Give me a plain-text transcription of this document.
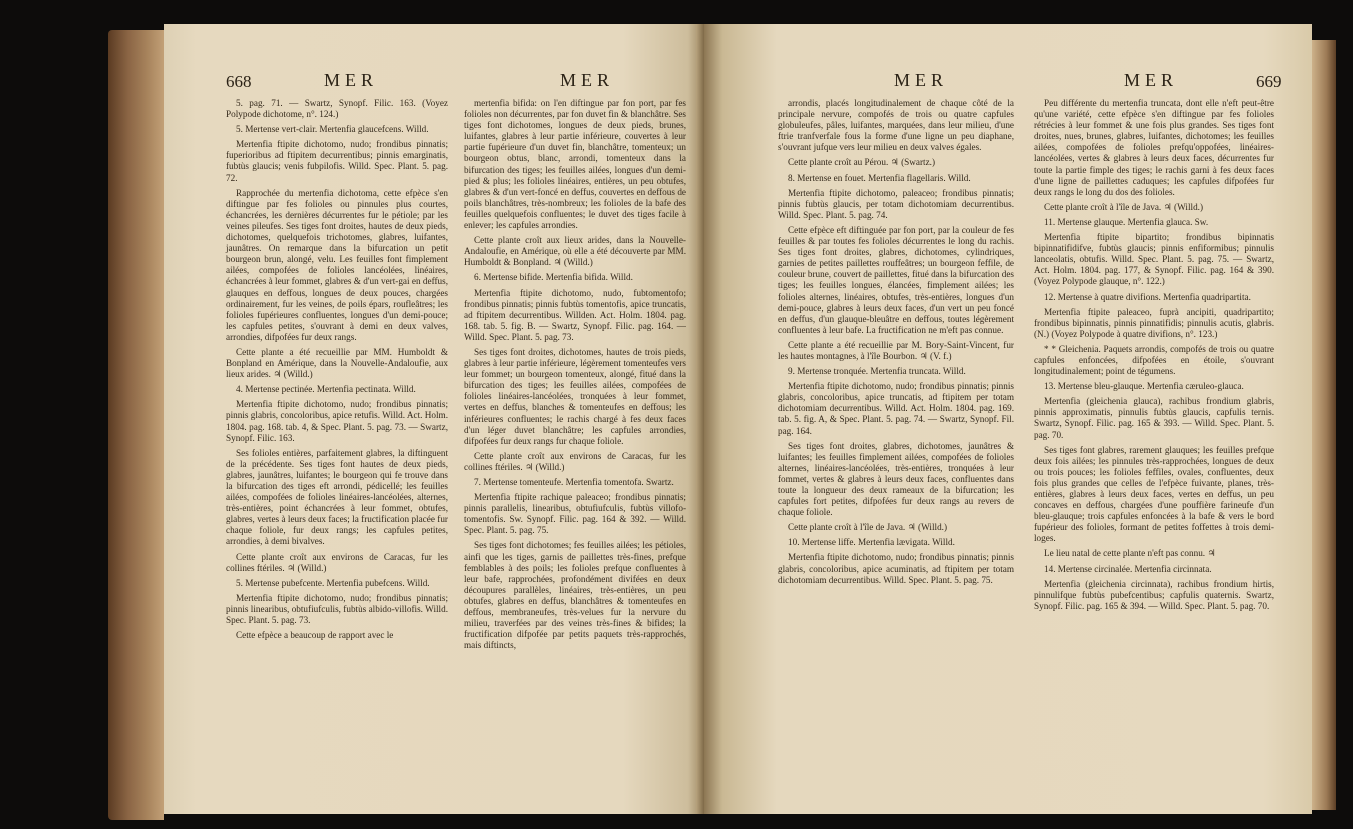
668	MER	MER

5. pag. 71. — Swartz, Synopf. Filic. 163. (Voyez Polypode dichotome, n°. 124.)

5. Mertense vert-clair. Mertenfia glaucefcens. Willd.

Mertenfia ftipite dichotomo, nudo; frondibus pinnatis; fuperioribus ad ftipitem decurrentibus; pinnis emarginatis, fubtùs glaucis; venis fubpilofis. Willd. Spec. Plant. 5. pag. 72.

Rapprochée du mertenfia dichotoma, cette efpèce s'en diftingue par fes folioles ou pinnules plus courtes, échancrées, les dernières décurrentes fur le pétiole; par les veines pileufes. Ses tiges font droites, hautes de deux pieds, dichotomes, quelquefois trichotomes, glabres, luifantes, jaunâtres. On remarque dans la bifurcation un petit bourgeon brun, alongé, velu. Les feuilles font fimplement ailées, compofées de folioles lancéolées, linéaires, échancrées à leur fommet, glabres & d'un vert-gai en deffus, glauques en deffous, longues de deux pouces, chargées ordinairement, fur les veines, de poils épars, roufleâtres; les folioles fupérieures confluentes, longues d'un demi-pouce; les capfules petites, s'ouvrant à demi en deux valves, arrondies, difpofées fur deux rangs.

Cette plante a été recueillie par MM. Humboldt & Bonpland en Amérique, dans la Nouvelle-Andaloufie, aux lieux arides. ♃ (Willd.)

4. Mertense pectinée. Mertenfia pectinata. Willd.

Mertenfia ftipite dichotomo, nudo; frondibus pinnatis; pinnis glabris, concoloribus, apice retufis. Willd. Act. Holm. 1804. pag. 168. tab. 4, & Spec. Plant. 5. pag. 73. — Swartz, Synopf. Filic. 163.

Ses folioles entières, parfaitement glabres, la diftinguent de la précédente. Ses tiges font hautes de deux pieds, glabres, jaunâtres, luifantes; le bourgeon qui fe trouve dans la bifurcation des tiges eft arrondi, pédicellé; les feuilles ailées, compofées de folioles linéaires-lancéolées, alternes, très-entières, point échancrées à leur fommet, obtufes, glabres, vertes à leurs deux faces; la fructification placée fur chaque foliole, fur deux rangs; les capfules petites, arrondies, à demi bivalves.

Cette plante croît aux environs de Caracas, fur les collines ftériles. ♃ (Willd.)

5. Mertense pubefcente. Mertenfia pubefcens. Willd.

Mertenfia ftipite dichotomo, nudo; frondibus pinnatis; pinnis linearibus, obtufiufculis, fubtùs albido-villofis. Willd. Spec. Plant. 5. pag. 73.

Cette efpèce a beaucoup de rapport avec le

mertenfia bifida: on l'en diftingue par fon port, par fes folioles non décurrentes, par fon duvet fin & blanchâtre. Ses tiges font dichotomes, longues de deux pieds, brunes, luifantes, glabres à leur partie inférieure, couvertes à leur partie fupérieure d'un duvet fin, blanchâtre, tomenteux; un bourgeon obtus, blanc, arrondi, tomenteux dans la bifurcation des tiges; les feuilles ailées, longues d'un demi-pied & plus; les folioles linéaires, entières, un peu obtufes, glabres & d'un vert-foncé en deffus, couvertes en deffous de poils blanchâtres, très-nombreux; les folioles de la bafe des feuilles quelquefois confluentes; le duvet des tiges facile à enlever; les capfules arrondies.

Cette plante croît aux lieux arides, dans la Nouvelle-Andaloufie, en Amérique, où elle a été découverte par MM. Humboldt & Bonpland. ♃ (Willd.)

6. Mertense bifide. Mertenfia bifida. Willd.

Mertenfia ftipite dichotomo, nudo, fubtomentofo; frondibus pinnatis; pinnis fubtùs tomentofis, apice truncatis, ad ftipitem decurrentibus. Willden. Act. Holm. 1804. pag. 168. tab. 5. fig. B. — Swartz, Synopf. Filic. pag. 164. — Willd. Spec. Plant. 5. pag. 73.

Ses tiges font droites, dichotomes, hautes de trois pieds, glabres à leur partie inférieure, légèrement tomenteufes vers leur fommet; un bourgeon tomenteux, alongé, fitué dans la bifurcation des tiges; les feuilles ailées, compofées de folioles linéaires-lancéolées, tronquées à leur fommet, vertes en deffus, blanches & tomenteufes en deffous; les inférieures confluentes; le rachis chargé à fes deux faces d'un léger duvet blanchâtre; les capfules arrondies, difpofées fur deux rangs fur chaque foliole.

Cette plante croît aux environs de Caracas, fur les collines ftériles. ♃ (Willd.)

7. Mertense tomenteufe. Mertenfia tomentofa. Swartz.

Mertenfia ftipite rachique paleaceo; frondibus pinnatis; pinnis parallelis, linearibus, obtufiufculis, fubtùs villofo-tomentofis. Sw. Synopf. Filic. pag. 164 & 392. — Willd. Spec. Plant. 5. pag. 75.

Ses tiges font dichotomes; fes feuilles ailées; les pétioles, ainfi que les tiges, garnis de paillettes très-fines, prefque femblables à des poils; les folioles prefque confluentes à leur bafe, rapprochées, profondément divifées en deux découpures parallèles, linéaires, très-entières, un peu obtufes, glabres en deffus, blanchâtres & tomenteufes en deffous, membraneufes, très-velues fur la nervure du milieu, traverfées par des veines très-fines & bifides; la fructification difpofée par petits paquets très-rapprochés, mais diftincts,

MER	MER	669

arrondis, placés longitudinalement de chaque côté de la principale nervure, compofés de trois ou quatre capfules globuleufes, pâles, luifantes, marquées, dans leur milieu, d'une ftrie tranfverfale fous la forme d'une ligne un peu diaphane, s'ouvrant jufque vers leur milieu en deux valves égales.

Cette plante croît au Pérou. ♃ (Swartz.)

8. Mertense en fouet. Mertenfia flagellaris. Willd.

Mertenfia ftipite dichotomo, paleaceo; frondibus pinnatis; pinnis fubtùs glaucis, per totam dichotomiam decurrentibus. Willd. Spec. Plant. 5. pag. 74.

Cette efpèce eft diftinguée par fon port, par la couleur de fes feuilles & par toutes fes folioles décurrentes le long du rachis. Ses tiges font droites, glabres, dichotomes, cylindriques, garnies de petites paillettes rouffeâtres; un bourgeon feffile, de couleur brune, couvert de paillettes, fitué dans la bifurcation des tiges; les feuilles longues, élancées, fimplement ailées; les folioles alternes, linéaires, obtufes, très-entières, longues d'un demi-pouce, glabres à leurs deux faces, d'un vert un peu foncé en deffus, d'un glauque-bleuâtre en deffous, toutes légèrement confluentes à leur bafe. La fructification ne m'eft pas connue.

Cette plante a été recueillie par M. Bory-Saint-Vincent, fur les hautes montagnes, à l'île Bourbon. ♃ (V. f.)

9. Mertense tronquée. Mertenfia truncata. Willd.

Mertenfia ftipite dichotomo, nudo; frondibus pinnatis; pinnis glabris, concoloribus, apice truncatis, ad ftipitem per totam dichotomiam decurrentibus. Willd. Act. Holm. 1804. pag. 169. tab. 5. fig. A, & Spec. Plant. 5. pag. 74. — Swartz, Synopf. Fil. pag. 164.

Ses tiges font droites, glabres, dichotomes, jaunâtres & luifantes; les feuilles fimplement ailées, compofées de folioles alternes, linéaires-lancéolées, très-entières, tronquées à leur fommet, vertes & glabres à leurs deux faces, confluentes dans toute la longueur des deux rameaux de la bifurcation; les capfules fort petites, difpofées fur deux rangs au revers de chaque foliole.

Cette plante croît à l'île de Java. ♃ (Willd.)

10. Mertense liffe. Mertenfia lævigata. Willd.

Mertenfia ftipite dichotomo, nudo; frondibus pinnatis; pinnis glabris, concoloribus, apice acuminatis, ad ftipitem per totam dichotomiam decurrentibus. Willd. Spec. Plant. 5. pag. 75.

Peu différente du mertenfia truncata, dont elle n'eft peut-être qu'une variété, cette efpèce s'en diftingue par fes folioles rétrécies à leur fommet & une fois plus grandes. Ses tiges font droites, nues, brunes, glabres, luifantes, dichotomes; les feuilles ailées, compofées de folioles prefqu'oppofées, linéaires-lancéolées, vertes & glabres à leurs deux faces, décurrentes fur toute la partie fimple des tiges; le rachis garni à fes deux faces d'une ligne de paillettes caduques; les capfules difpofées fur deux rangs le long du dos des folioles.

Cette plante croît à l'île de Java. ♃ (Willd.)

11. Mertense glauque. Mertenfia glauca. Sw.

Mertenfia ftipite bipartito; frondibus bipinnatis bipinnatifidifve, fubtùs glaucis; pinnis enfiformibus; pinnulis lanceolatis, obtufis. Willd. Spec. Plant. 5. pag. 75. — Swartz, Act. Holm. 1804. pag. 177, & Synopf. Filic. pag. 164 & 390. (Voyez Polypode glauque, n°. 122.)

12. Mertense à quatre divifions. Mertenfia quadripartita.

Mertenfia ftipite paleaceo, fuprà ancipiti, quadripartito; frondibus bipinnatis, pinnis pinnatifidis; pinnulis acutis, glabris. (N.) (Voyez Polypode à quatre divifions, n°. 123.)

* * Gleichenia. Paquets arrondis, compofés de trois ou quatre capfules enfoncées, difpofées en étoile, s'ouvrant longitudinalement; point de tégumens.

13. Mertense bleu-glauque. Mertenfia cæruleo-glauca.

Mertenfia (gleichenia glauca), rachibus frondium glabris, pinnis approximatis, pinnulis fubtùs glaucis, capfulis ternis. Swartz, Synopf. Filic. pag. 165 & 393. — Willd. Spec. Plant. 5. pag. 70.

Ses tiges font glabres, rarement glauques; les feuilles prefque deux fois ailées; les pinnules très-rapprochées, longues de deux ou trois pouces; les folioles feffiles, ovales, confluentes, deux fois plus grandes que celles de l'efpèce fuivante, planes, très-entières, glabres à leurs deux faces, vertes en deffus, un peu concaves en deffous, chargées d'une pouffière farineufe d'un bleu-glauque; trois capfules enfoncées à la bafe & vers le bord fupérieur des folioles, formant de petites foffettes à trois demi-loges.

Le lieu natal de cette plante n'eft pas connu. ♃

14. Mertense circinalée. Mertenfia circinnata.

Mertenfia (gleichenia circinnata), rachibus frondium hirtis, pinnulifque fubtùs pubefcentibus; capfulis quaternis. Swartz, Synopf. Filic. pag. 165 & 394. — Willd. Spec. Plant. 5. pag. 70.
